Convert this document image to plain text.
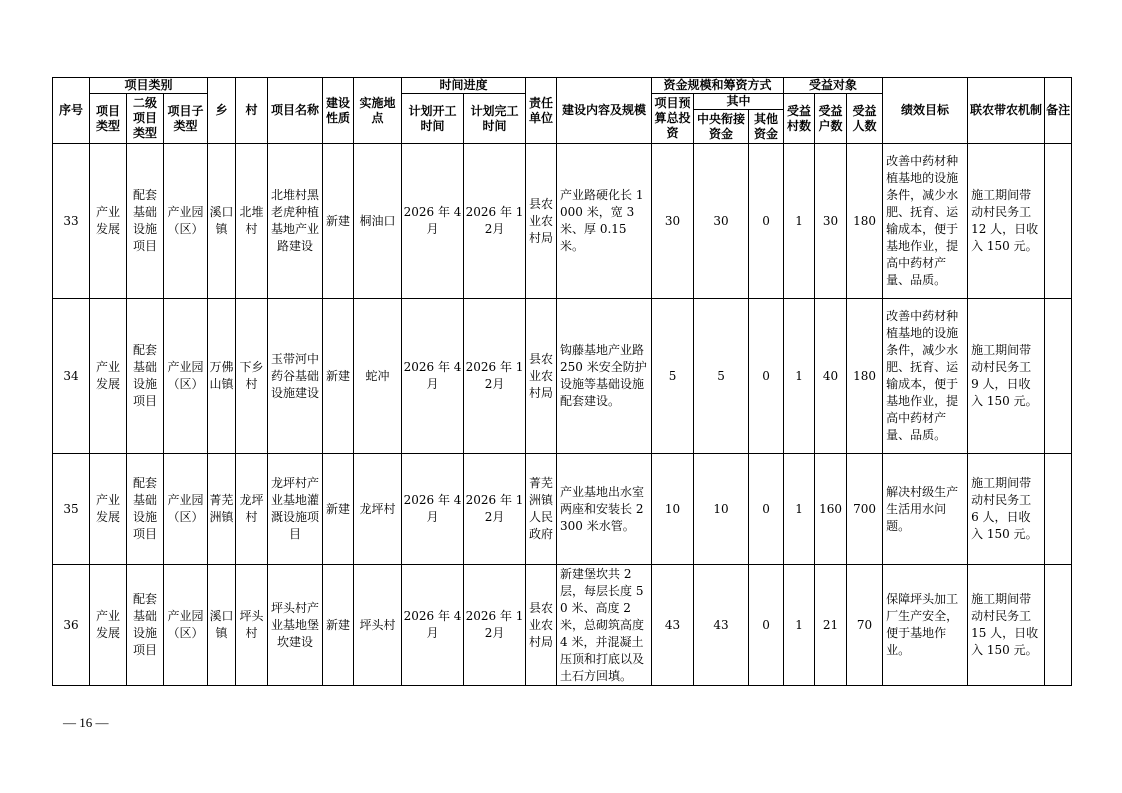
序号	项目类别			乡	村	项目名称	建设性质	实施地点	时间进度		责任单位	建设内容及规模	资金规模和筹资方式			受益对象			绩效目标	联农带农机制	备注
	项目类型	二级项目类型	项目子类型						计划开工时间	计划完工时间			项目预算总投资	其中		受益村数	受益户数	受益人数			
														中央衔接资金	其他资金						
33	产业发展	配套基础设施项目	产业园（区）	溪口镇	北堆村	北堆村黑老虎种植基地产业路建设	新建	桐油口	2026 年 4 月	2026 年 12月	县农业农村局	产业路硬化长 1000 米，宽 3 米、厚 0.15 米。	30	30	0	1	30	180	改善中药材种植基地的设施条件，减少水肥、抚育、运输成本，便于基地作业，提高中药材产量、品质。	施工期间带动村民务工 12 人，日收入 150 元。	
34	产业发展	配套基础设施项目	产业园（区）	万佛山镇	下乡村	玉带河中药谷基础设施建设	新建	蛇冲	2026 年 4 月	2026 年 12月	县农业农村局	钩藤基地产业路 250 米安全防护设施等基础设施配套建设。	5	5	0	1	40	180	改善中药材种植基地的设施条件，减少水肥、抚育、运输成本，便于基地作业，提高中药材产量、品质。	施工期间带动村民务工 9 人，日收入 150 元。	
35	产业发展	配套基础设施项目	产业园（区）	菁芜洲镇	龙坪村	龙坪村产业基地灌溉设施项目	新建	龙坪村	2026 年 4 月	2026 年 12月	菁芜洲镇人民政府	产业基地出水室两座和安装长 2300 米水管。	10	10	0	1	160	700	解决村级生产生活用水问题。	施工期间带动村民务工 6 人，日收入 150 元。	
36	产业发展	配套基础设施项目	产业园（区）	溪口镇	坪头村	坪头村产业基地堡坎建设	新建	坪头村	2026 年 4 月	2026 年 12月	县农业农村局	新建堡坎共 2 层，每层长度 50 米、高度 2 米，总砌筑高度 4 米，并混凝土压顶和打底以及土石方回填。	43	43	0	1	21	70	保障坪头加工厂生产安全，便于基地作业。	施工期间带动村民务工 15 人，日收入 150 元。	
— 16 —
